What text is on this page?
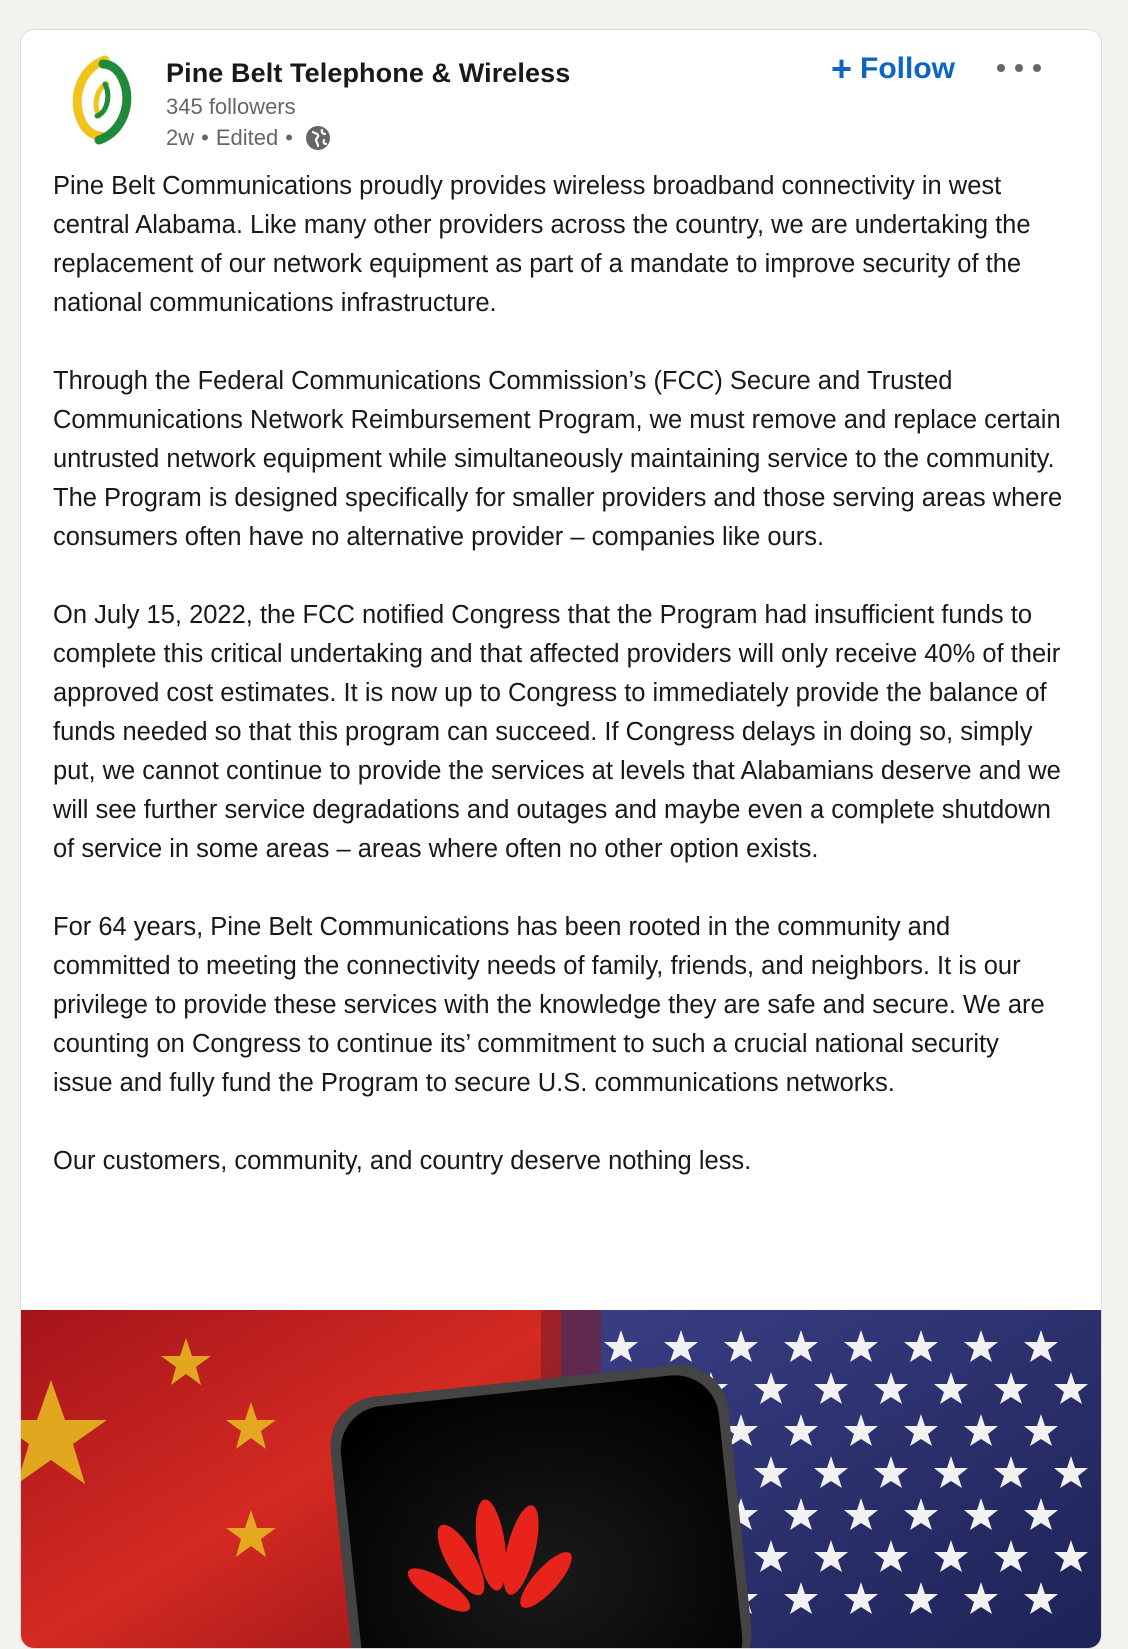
Pine Belt Telephone & Wireless
345 followers
2w • Edited •
+ Follow

Pine Belt Communications proudly provides wireless broadband connectivity in west central Alabama. Like many other providers across the country, we are undertaking the replacement of our network equipment as part of a mandate to improve security of the national communications infrastructure.

Through the Federal Communications Commission’s (FCC) Secure and Trusted Communications Network Reimbursement Program, we must remove and replace certain untrusted network equipment while simultaneously maintaining service to the community. The Program is designed specifically for smaller providers and those serving areas where consumers often have no alternative provider – companies like ours.

On July 15, 2022, the FCC notified Congress that the Program had insufficient funds to complete this critical undertaking and that affected providers will only receive 40% of their approved cost estimates. It is now up to Congress to immediately provide the balance of funds needed so that this program can succeed. If Congress delays in doing so, simply put, we cannot continue to provide the services at levels that Alabamians deserve and we will see further service degradations and outages and maybe even a complete shutdown of service in some areas – areas where often no other option exists.

For 64 years, Pine Belt Communications has been rooted in the community and committed to meeting the connectivity needs of family, friends, and neighbors. It is our privilege to provide these services with the knowledge they are safe and secure. We are counting on Congress to continue its’ commitment to such a crucial national security issue and fully fund the Program to secure U.S. communications networks.

Our customers, community, and country deserve nothing less.
